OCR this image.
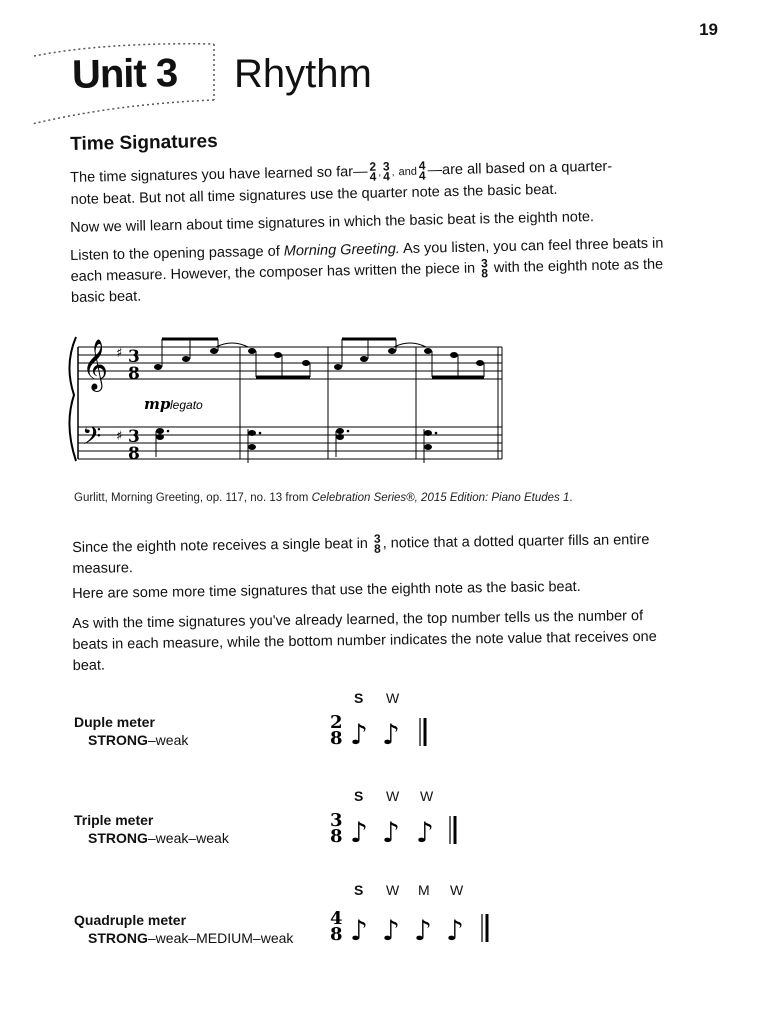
19
Unit 3 Rhythm
Time Signatures
The time signatures you have learned so far— 2
4 , 3
4 , and 4
4 —are all based on a quarter-
note beat. But not all time signatures use the quarter note as the basic beat.
Now we will learn about time signatures in which the basic beat is the eighth note.
Listen to the opening passage of Morning Greeting. As you listen, you can feel three beats in each measure. However, the composer has written the piece in 3
8 with the eighth note as the basic beat.
𝄞
𝄢
♯
♯
3
8
3
8
mp legato
Gurlitt, Morning Greeting, op. 117, no. 13 from Celebration Series®, 2015 Edition: Piano Etudes 1.
Since the eighth note receives a single beat in 3
8 , notice that a dotted quarter fills an entire measure.
Here are some more time signatures that use the eighth note as the basic beat.
As with the time signatures you've already learned, the top number tells us the number of beats in each measure, while the bottom number indicates the note value that receives one beat.
Duple meter
STRONG–weak
S W
2
8 ♪ ♪
Triple meter
STRONG–weak–weak
S W W
3
8 ♪ ♪ ♪
Quadruple meter
STRONG–weak–MEDIUM–weak
S W M W
4
8 ♪ ♪ ♪ ♪
